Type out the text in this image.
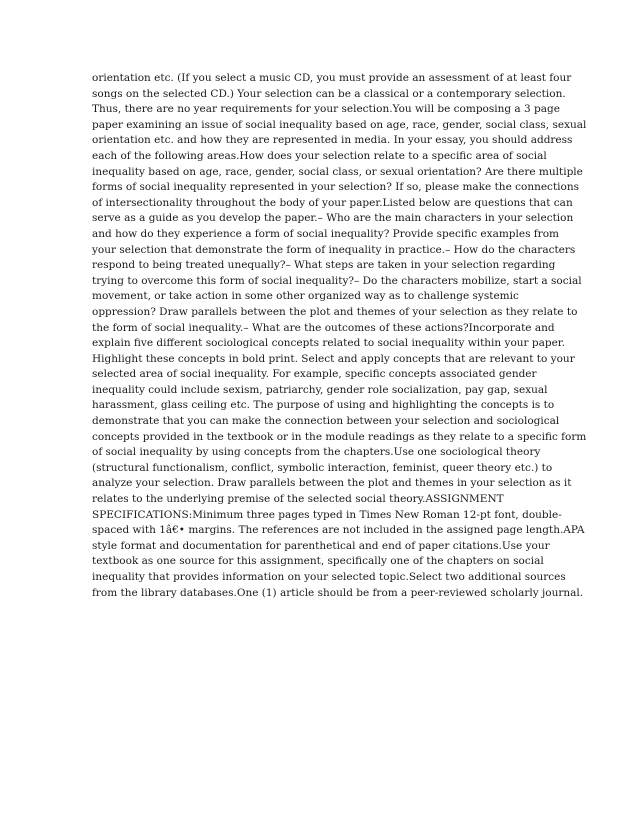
orientation etc. (If you select a music CD, you must provide an assessment of at least four
songs on the selected CD.) Your selection can be a classical or a contemporary selection.
Thus, there are no year requirements for your selection.You will be composing a 3 page
paper examining an issue of social inequality based on age, race, gender, social class, sexual
orientation etc. and how they are represented in media. In your essay, you should address
each of the following areas.How does your selection relate to a specific area of social
inequality based on age, race, gender, social class, or sexual orientation? Are there multiple
forms of social inequality represented in your selection? If so, please make the connections
of intersectionality throughout the body of your paper.Listed below are questions that can
serve as a guide as you develop the paper.– Who are the main characters in your selection
and how do they experience a form of social inequality? Provide specific examples from
your selection that demonstrate the form of inequality in practice.– How do the characters
respond to being treated unequally?– What steps are taken in your selection regarding
trying to overcome this form of social inequality?– Do the characters mobilize, start a social
movement, or take action in some other organized way as to challenge systemic
oppression? Draw parallels between the plot and themes of your selection as they relate to
the form of social inequality.– What are the outcomes of these actions?Incorporate and
explain five different sociological concepts related to social inequality within your paper.
Highlight these concepts in bold print. Select and apply concepts that are relevant to your
selected area of social inequality. For example, specific concepts associated gender
inequality could include sexism, patriarchy, gender role socialization, pay gap, sexual
harassment, glass ceiling etc. The purpose of using and highlighting the concepts is to
demonstrate that you can make the connection between your selection and sociological
concepts provided in the textbook or in the module readings as they relate to a specific form
of social inequality by using concepts from the chapters.Use one sociological theory
(structural functionalism, conflict, symbolic interaction, feminist, queer theory etc.) to
analyze your selection. Draw parallels between the plot and themes in your selection as it
relates to the underlying premise of the selected social theory.ASSIGNMENT
SPECIFICATIONS:Minimum three pages typed in Times New Roman 12-pt font, double-
spaced with 1â€• margins. The references are not included in the assigned page length.APA
style format and documentation for parenthetical and end of paper citations.Use your
textbook as one source for this assignment, specifically one of the chapters on social
inequality that provides information on your selected topic.Select two additional sources
from the library databases.One (1) article should be from a peer-reviewed scholarly journal.
